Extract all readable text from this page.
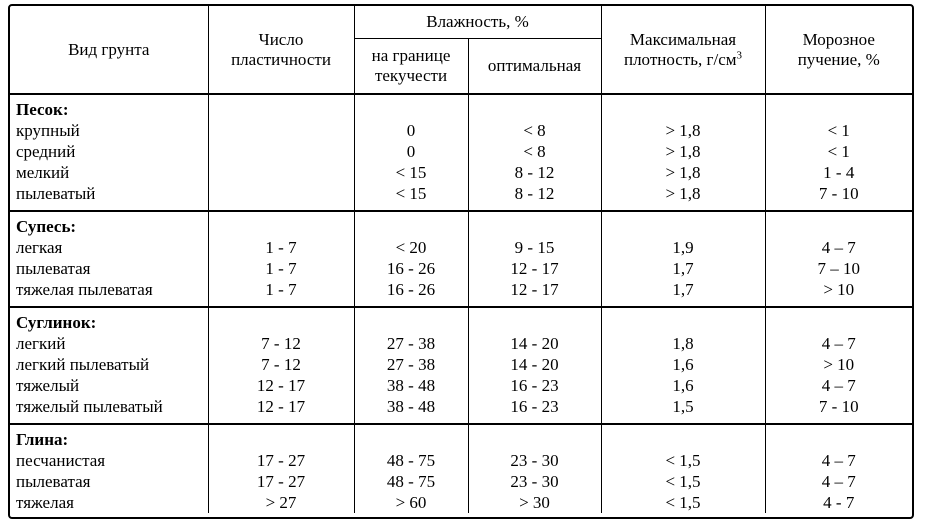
Вид грунта	Число пластичности	Влажность, %		Максимальная плотность, $г/см^3$	Морозное пучение, %
		на границе текучести	оптимальная		
Песок:					
крупный		0	< 8	> 1,8	< 1
средний		0	< 8	> 1,8	< 1
мелкий		< 15	8 - 12	> 1,8	1 - 4
пылеватый		< 15	8 - 12	> 1,8	7 - 10
Супесь:					
легкая	1 - 7	< 20	9 - 15	1,9	4 – 7
пылеватая	1 - 7	16 - 26	12 - 17	1,7	7 – 10
тяжелая пылеватая	1 - 7	16 - 26	12 - 17	1,7	> 10
Суглинок:					
легкий	7 - 12	27 - 38	14 - 20	1,8	4 – 7
легкий пылеватый	7 - 12	27 - 38	14 - 20	1,6	> 10
тяжелый	12 - 17	38 - 48	16 - 23	1,6	4 – 7
тяжелый пылеватый	12 - 17	38 - 48	16 - 23	1,5	7 - 10
Глина:					
песчанистая	17 - 27	48 - 75	23 - 30	< 1,5	4 – 7
пылеватая	17 - 27	48 - 75	23 - 30	< 1,5	4 – 7
тяжелая	> 27	> 60	> 30	< 1,5	4 - 7
